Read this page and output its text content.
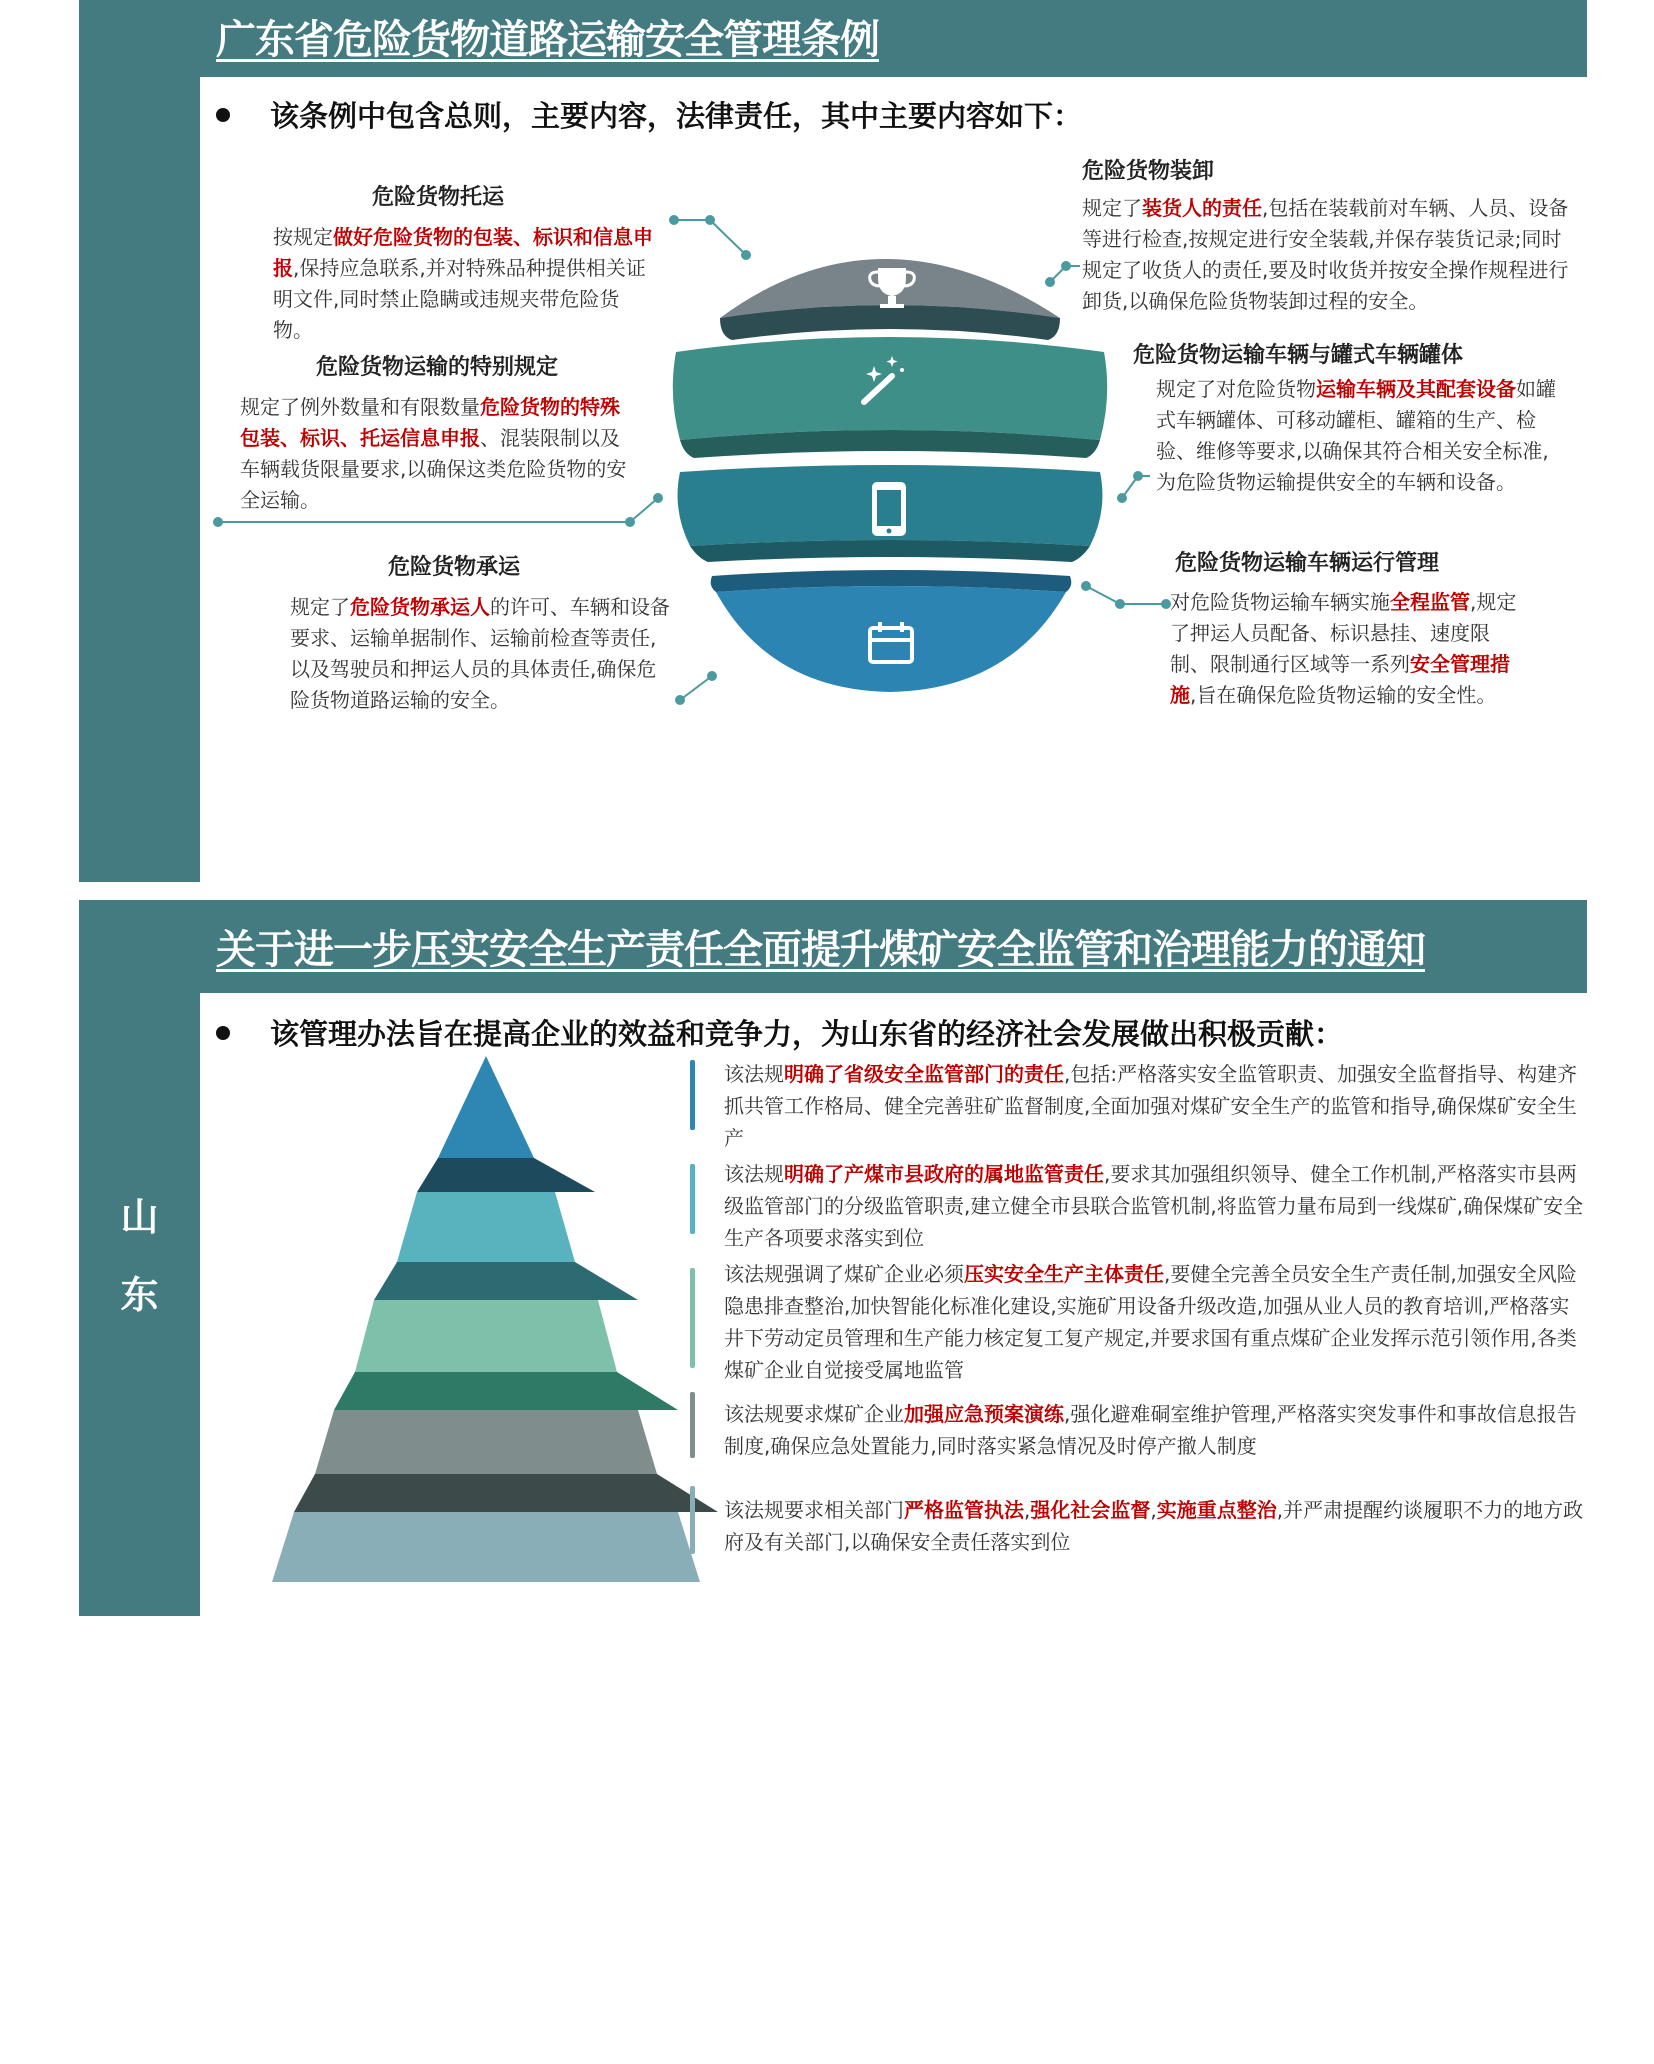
广东省危险货物道路运输安全管理条例
该条例中包含总则，主要内容，法律责任，其中主要内容如下：
危险货物托运
按规定做好危险货物的包装、标识和信息申报,保持应急联系,并对特殊品种提供相关证明文件,同时禁止隐瞒或违规夹带危险货物。
危险货物运输的特别规定
规定了例外数量和有限数量危险货物的特殊包装、标识、托运信息申报、混装限制以及车辆载货限量要求,以确保这类危险货物的安全运输。
危险货物承运
规定了危险货物承运人的许可、车辆和设备要求、运输单据制作、运输前检查等责任,以及驾驶员和押运人员的具体责任,确保危险货物道路运输的安全。
危险货物装卸
规定了装货人的责任,包括在装载前对车辆、人员、设备等进行检查,按规定进行安全装载,并保存装货记录;同时规定了收货人的责任,要及时收货并按安全操作规程进行卸货,以确保危险货物装卸过程的安全。
危险货物运输车辆与罐式车辆罐体
规定了对危险货物运输车辆及其配套设备如罐式车辆罐体、可移动罐柜、罐箱的生产、检验、维修等要求,以确保其符合相关安全标准,为危险货物运输提供安全的车辆和设备。
危险货物运输车辆运行管理
对危险货物运输车辆实施全程监管,规定了押运人员配备、标识悬挂、速度限制、限制通行区域等一系列安全管理措施,旨在确保危险货物运输的安全性。
关于进一步压实安全生产责任全面提升煤矿安全监管和治理能力的通知
该管理办法旨在提高企业的效益和竞争力，为山东省的经济社会发展做出积极贡献：
山
东
该法规明确了省级安全监管部门的责任,包括:严格落实安全监管职责、加强安全监督指导、构建齐抓共管工作格局、健全完善驻矿监督制度,全面加强对煤矿安全生产的监管和指导,确保煤矿安全生产
该法规明确了产煤市县政府的属地监管责任,要求其加强组织领导、健全工作机制,严格落实市县两级监管部门的分级监管职责,建立健全市县联合监管机制,将监管力量布局到一线煤矿,确保煤矿安全生产各项要求落实到位
该法规强调了煤矿企业必须压实安全生产主体责任,要健全完善全员安全生产责任制,加强安全风险隐患排查整治,加快智能化标准化建设,实施矿用设备升级改造,加强从业人员的教育培训,严格落实井下劳动定员管理和生产能力核定复工复产规定,并要求国有重点煤矿企业发挥示范引领作用,各类煤矿企业自觉接受属地监管
该法规要求煤矿企业加强应急预案演练,强化避难硐室维护管理,严格落实突发事件和事故信息报告制度,确保应急处置能力,同时落实紧急情况及时停产撤人制度
该法规要求相关部门严格监管执法,强化社会监督,实施重点整治,并严肃提醒约谈履职不力的地方政府及有关部门,以确保安全责任落实到位
